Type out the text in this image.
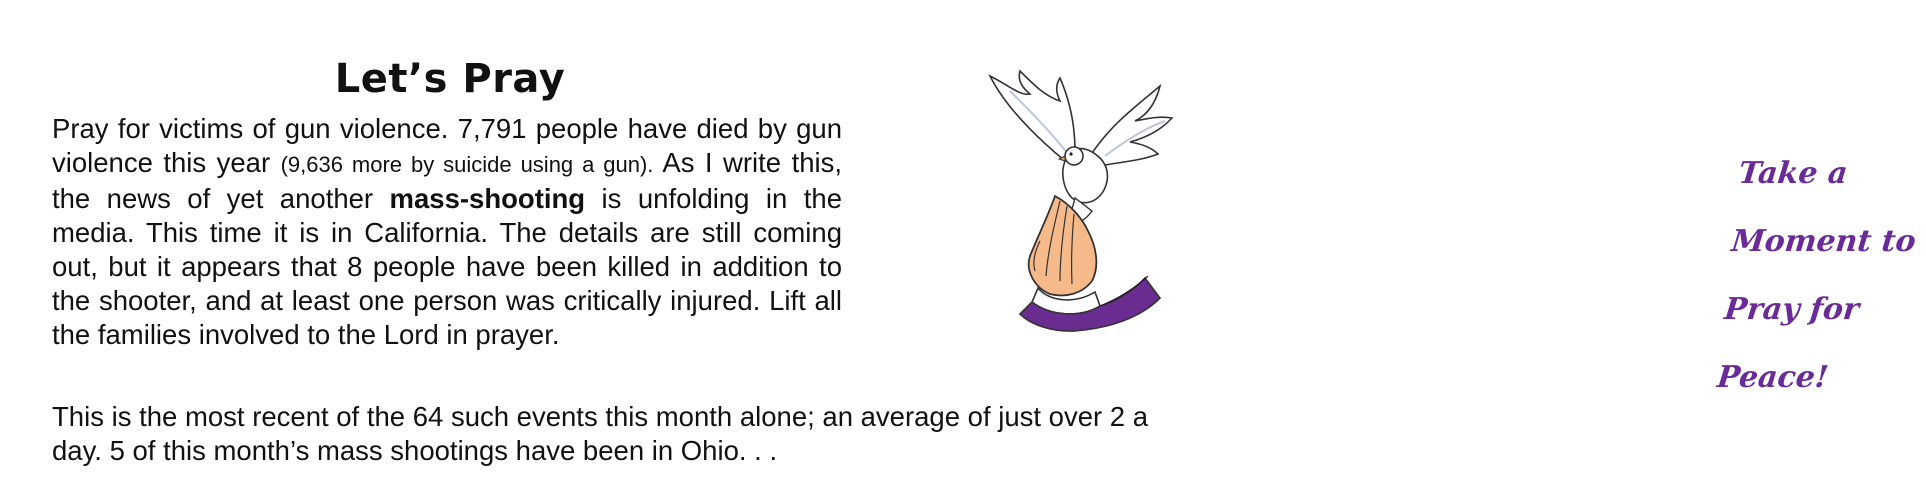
Let’s Pray
Pray for victims of gun violence. 7,791 people have died by gun violence this year (9,636 more by suicide using a gun). As I write this, the news of yet another mass-shooting is unfolding in the media. This time it is in California. The details are still coming out, but it appears that 8 people have been killed in addition to the shooter, and at least one person was critically injured. Lift all the families involved to the Lord in prayer.
This is the most recent of the 64 such events this month alone; an average of just over 2 a day. 5 of this month’s mass shootings have been in Ohio. . .
Take a
Moment to
Pray for
Peace!
